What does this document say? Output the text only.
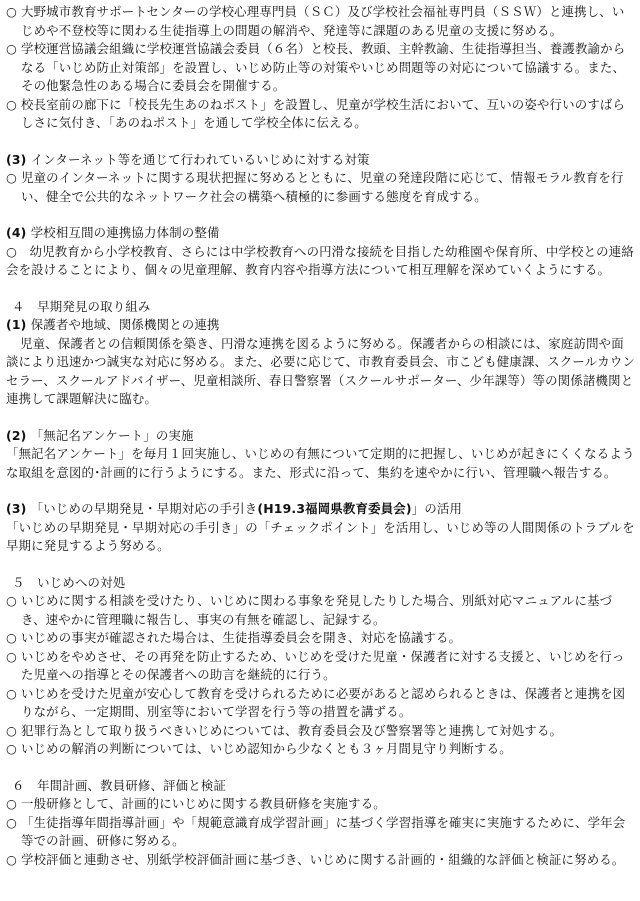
○ 大野城市教育サポートセンターの学校心理専門員（ＳＣ）及び学校社会福祉専門員（ＳＳＷ）と連携し、いじめや不登校等に関わる生徒指導上の問題の解消や、発達等に課題のある児童の支援に努める。
○ 学校運営協議会組織に学校運営協議会委員（６名）と校長、教頭、主幹教諭、生徒指導担当、養護教諭からなる「いじめ防止対策部」を設置し、いじめ防止等の対策やいじめ問題等の対応について協議する。また、その他緊急性のある場合に委員会を開催する。
○ 校長室前の廊下に「校長先生あのねポスト」を設置し、児童が学校生活において、互いの姿や行いのすばらしさに気付き、「あのねポスト」を通して学校全体に伝える。
(3) インターネット等を通じて行われているいじめに対する対策
○ 児童のインターネットに関する現状把握に努めるとともに、児童の発達段階に応じて、情報モラル教育を行い、健全で公共的なネットワーク社会の構築へ積極的に参画する態度を育成する。
(4) 学校相互間の連携協力体制の整備

○　幼児教育から小学校教育、さらには中学校教育への円滑な接続を目指した幼稚園や保育所、中学校との連絡会を設けることにより、個々の児童理解、教育内容や指導方法について相互理解を深めていくようにする。

４　早期発見の取り組み

(1) 保護者や地域、関係機関との連携

児童、保護者との信頼関係を築き、円滑な連携を図るように努める。保護者からの相談には、家庭訪問や面談により迅速かつ誠実な対応に努める。また、必要に応じて、市教育委員会、市こども健康課、スクールカウンセラー、スクールアドバイザー、児童相談所、春日警察署（スクールサポーター、少年課等）等の関係諸機関と連携して課題解決に臨む。

(2) 「無記名アンケート」の実施

「無記名アンケート」を毎月１回実施し、いじめの有無について定期的に把握し、いじめが起きにくくなるような取組を意図的･計画的に行うようにする。また、形式に沿って、集約を速やかに行い、管理職へ報告する。

(3) 「いじめの早期発見・早期対応の手引き(H19.3福岡県教育委員会)」の活用

「いじめの早期発見・早期対応の手引き」の「チェックポイント」を活用し、いじめ等の人間関係のトラブルを早期に発見するよう努める。

５　いじめへの対処

○ いじめに関する相談を受けたり、いじめに関わる事象を発見したりした場合、別紙対応マニュアルに基づき、速やかに管理職に報告し、事実の有無を確認し、記録する。
○ いじめの事実が確認された場合は、生徒指導委員会を開き、対応を協議する。
○ いじめをやめさせ、その再発を防止するため、いじめを受けた児童・保護者に対する支援と、いじめを行った児童への指導とその保護者への助言を継続的に行う。
○ いじめを受けた児童が安心して教育を受けられるために必要があると認められるときは、保護者と連携を図りながら、一定期間、別室等において学習を行う等の措置を講ずる。
○ 犯罪行為として取り扱うべきいじめについては、教育委員会及び警察署等と連携して対処する。
○ いじめの解消の判断については、いじめ認知から少なくとも３ヶ月間見守り判断する。

６　年間計画、教員研修、評価と検証

○ 一般研修として、計画的にいじめに関する教員研修を実施する。
○ 「生徒指導年間指導計画」や「規範意識育成学習計画」に基づく学習指導を確実に実施するために、学年会等での計画、研修に努める。
○ 学校評価と連動させ、別紙学校評価計画に基づき、いじめに関する計画的・組織的な評価と検証に努める。
